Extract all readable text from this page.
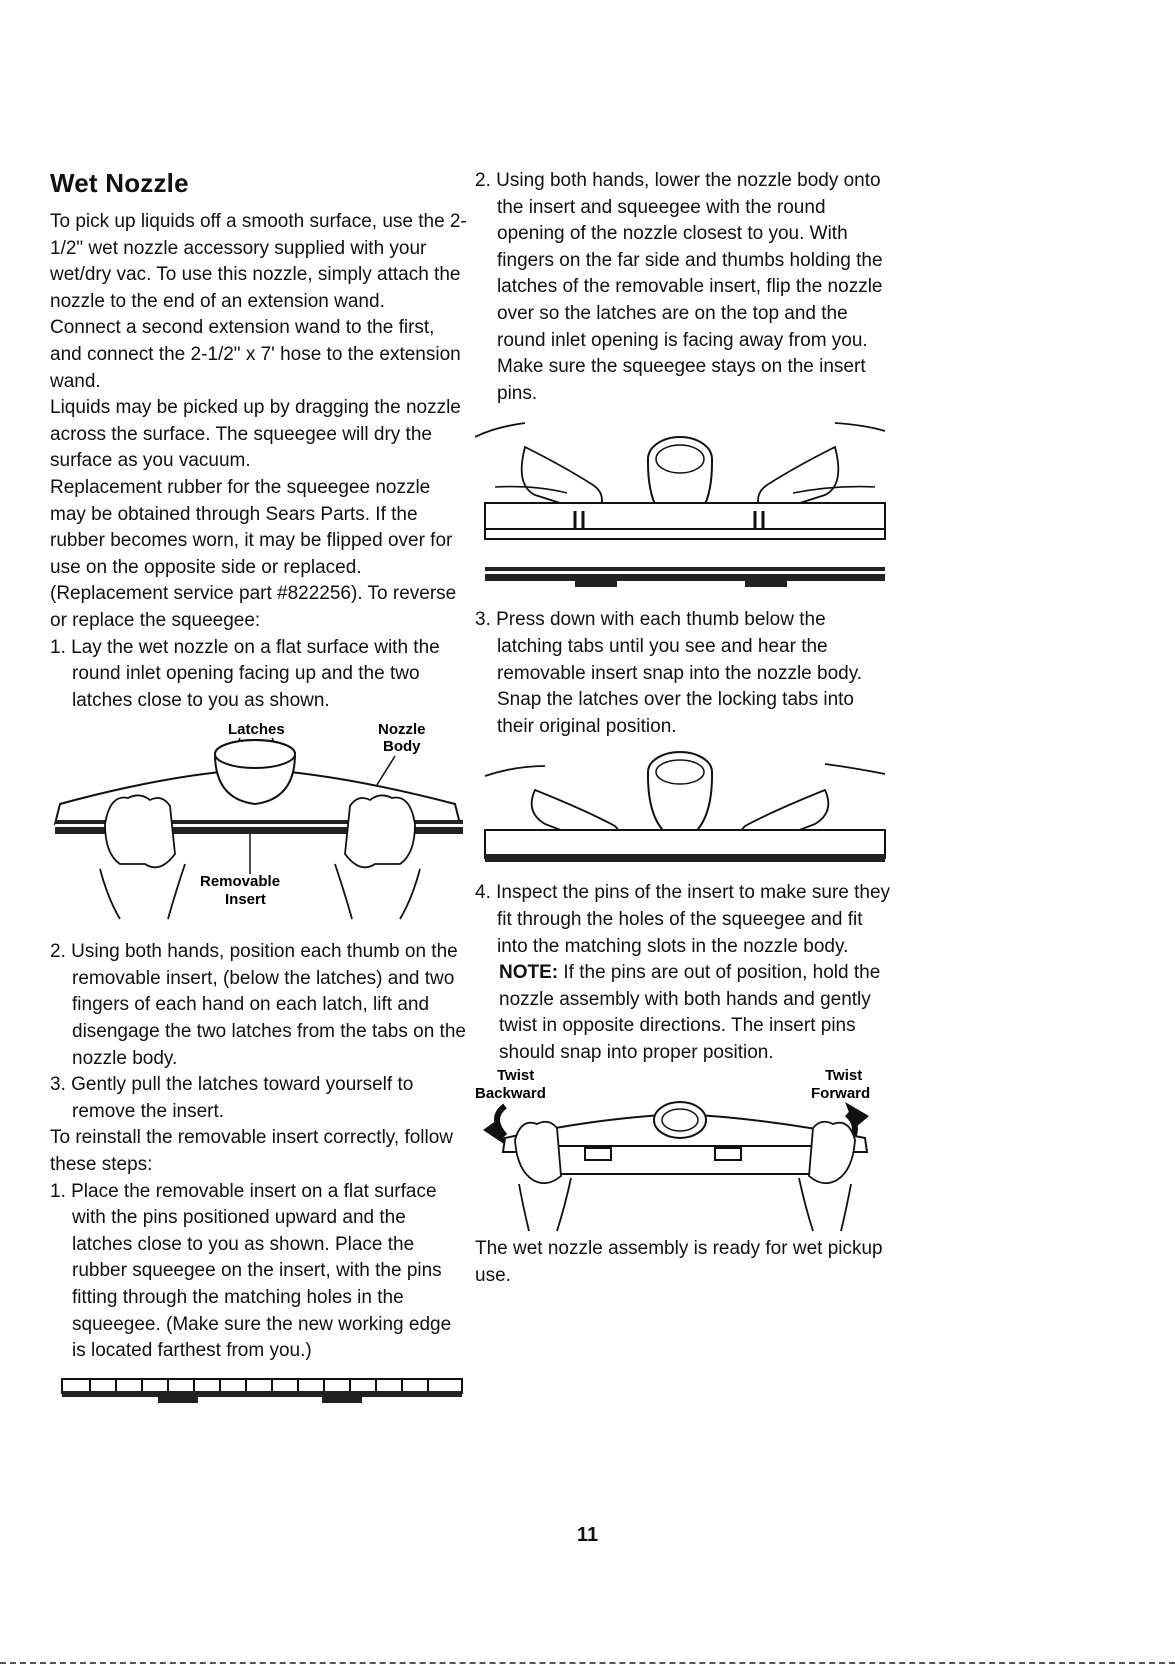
Wet Nozzle

To pick up liquids off a smooth surface, use the 2-1/2" wet nozzle accessory supplied with your wet/dry vac. To use this nozzle, simply attach the nozzle to the end of an extension wand.

Connect a second extension wand to the first, and connect the 2-1/2" x 7' hose to the extension wand.

Liquids may be picked up by dragging the nozzle across the surface. The squeegee will dry the surface as you vacuum.

Replacement rubber for the squeegee nozzle may be obtained through Sears Parts. If the rubber becomes worn, it may be flipped over for use on the opposite side or replaced. (Replacement service part #822256). To reverse or replace the squeegee:

1. Lay the wet nozzle on a flat surface with the round inlet opening facing up and the two latches close to you as shown.

Latches	Nozzle
Body
Removable
Insert

2. Using both hands, position each thumb on the removable insert, (below the latches) and two fingers of each hand on each latch, lift and disengage the two latches from the tabs on the nozzle body.

3. Gently pull the latches toward yourself to remove the insert.

To reinstall the removable insert correctly, follow these steps:

1. Place the removable insert on a flat surface with the pins positioned upward and the latches close to you as shown. Place the rubber squeegee on the insert, with the pins fitting through the matching holes in the squeegee. (Make sure the new working edge is located farthest from you.)

2. Using both hands, lower the nozzle body onto the insert and squeegee with the round opening of the nozzle closest to you. With fingers on the far side and thumbs holding the latches of the removable insert, flip the nozzle over so the latches are on the top and the round inlet opening is facing away from you. Make sure the squeegee stays on the insert pins.

3. Press down with each thumb below the latching tabs until you see and hear the removable insert snap into the nozzle body. Snap the latches over the locking tabs into their original position.

4. Inspect the pins of the insert to make sure they fit through the holes of the squeegee and fit into the matching slots in the nozzle body.

NOTE: If the pins are out of position, hold the nozzle assembly with both hands and gently twist in opposite directions. The insert pins should snap into proper position.

Twist
Backward
Twist
Forward

The wet nozzle assembly is ready for wet pickup use.

11
